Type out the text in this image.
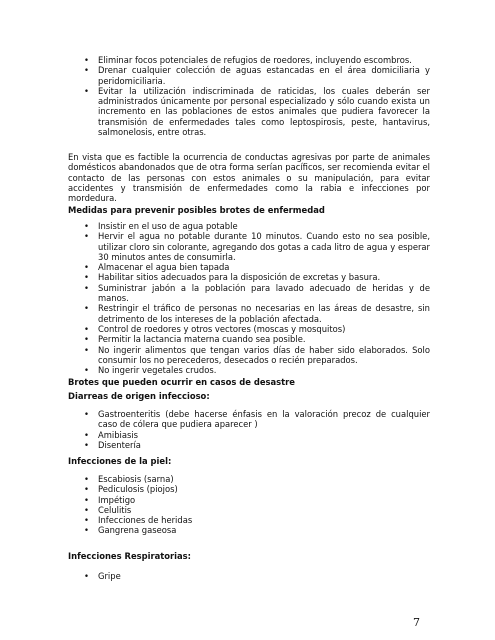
• Eliminar focos potenciales de refugios de roedores, incluyendo escombros.
• Drenar cualquier colección de aguas estancadas en el área domiciliaria y peridomiciliaria.
• Evitar la utilización indiscriminada de raticidas, los cuales deberán ser administrados únicamente por personal especializado y sólo cuando exista un incremento en las poblaciones de estos animales que pudiera favorecer la transmisión de enfermedades tales como leptospirosis, peste, hantavirus, salmonelosis, entre otras.

En vista que es factible la ocurrencia de conductas agresivas por parte de animales domésticos abandonados que de otra forma serían pacíficos, ser recomienda evitar el contacto de las personas con estos animales o su manipulación, para evitar accidentes y transmisión de enfermedades como la rabia e infecciones por mordedura.

Medidas para prevenir posibles brotes de enfermedad
• Insistir en el uso de agua potable
• Hervir el agua no potable durante 10 minutos. Cuando esto no sea posible, utilizar cloro sin colorante, agregando dos gotas a cada litro de agua y esperar 30 minutos antes de consumirla.
• Almacenar el agua bien tapada
• Habilitar sitios adecuados para la disposición de excretas y basura.
• Suministrar jabón a la población para lavado adecuado de heridas y de manos.
• Restringir el tráfico de personas no necesarias en las áreas de desastre, sin detrimento de los intereses de la población afectada.
• Control de roedores y otros vectores (moscas y mosquitos)
• Permitir la lactancia materna cuando sea posible.
• No ingerir alimentos que tengan varios días de haber sido elaborados. Solo consumir los no perecederos, desecados o recién preparados.
• No ingerir vegetales crudos.
Brotes que pueden ocurrir en casos de desastre
Diarreas de origen infeccioso:
• Gastroenteritis (debe hacerse énfasis en la valoración precoz de cualquier caso de cólera que pudiera aparecer )
• Amibiasis
• Disentería
Infecciones de la piel:
• Escabiosis (sarna)
• Pediculosis (piojos)
• Impétigo
• Celulitis
• Infecciones de heridas
• Gangrena gaseosa
Infecciones Respiratorias:
• Gripe
7
